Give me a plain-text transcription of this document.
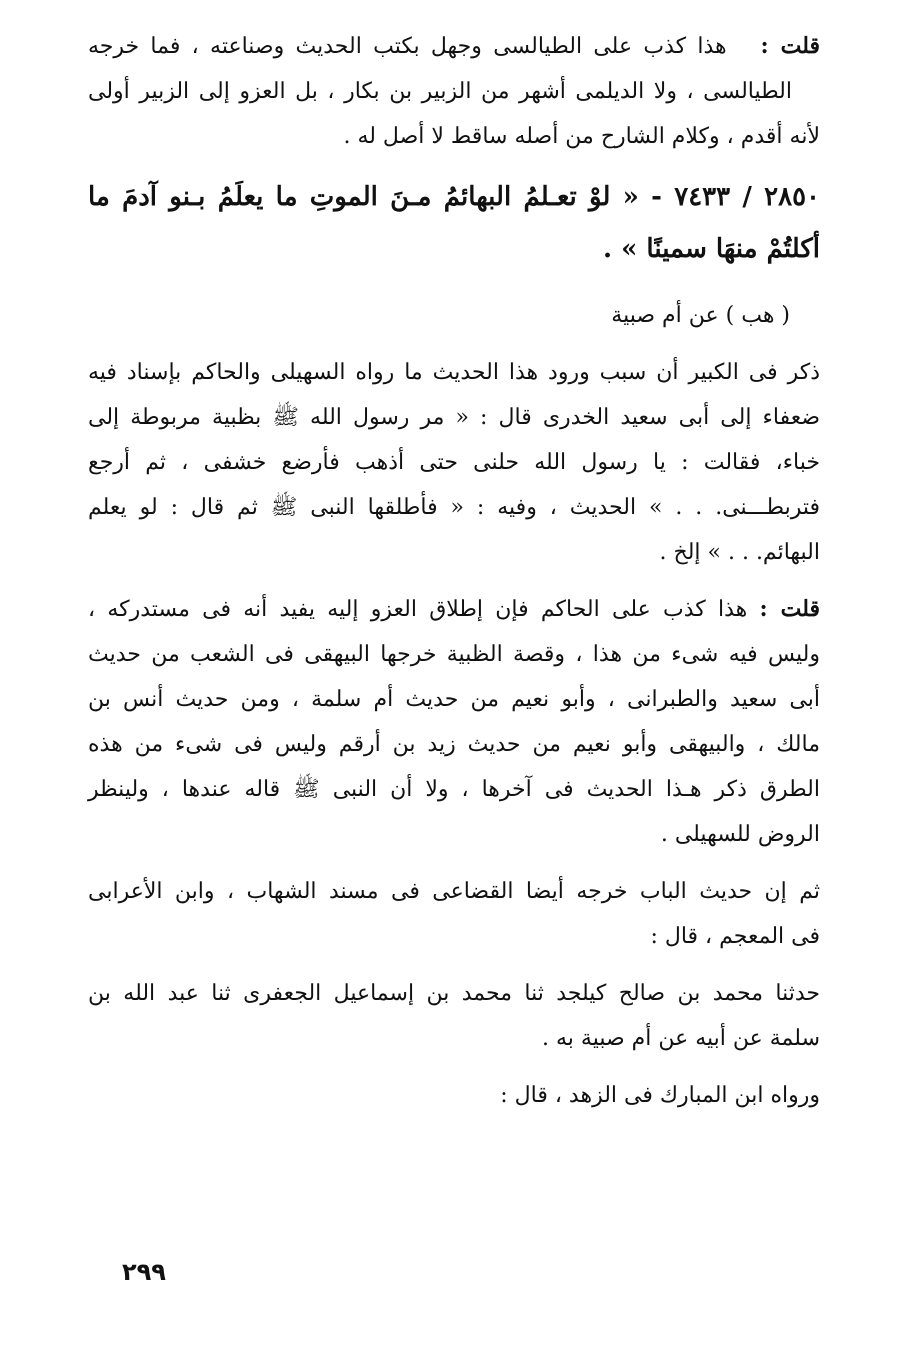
قلت :   هذا كذب على الطيالسى وجهل بكتب الحديث وصناعته ، فما خرجه
الطيالسى ، ولا الديلمى أشهر من الزبير بن بكار ، بل العزو إلى الزبير أولى
لأنه أقدم ، وكلام الشارح من أصله ساقط لا أصل له .
٢٨٥٠ / ٧٤٣٣ - « لوْ تعـلمُ البهائمُ مـنَ الموتِ ما يعلَمُ بـنو آدمَ ما
أكلتُمْ منهَا سمينًا » .
( هب ) عن أم صبية
ذكر فى الكبير أن سبب ورود هذا الحديث ما رواه السهيلى والحاكم بإسناد فيه
ضعفاء إلى أبى سعيد الخدرى قال : « مر رسول الله ﷺ بظبية مربوطة إلى
خباء، فقالت : يا رسول الله حلنى حتى أذهب فأرضع خشفى ، ثم أرجع
فتربطـــنى. . . » الحديث ، وفيه : « فأطلقها النبى ﷺ ثم قال : لو يعلم
البهائم. . . » إلخ .
قلت : هذا كذب على الحاكم فإن إطلاق العزو إليه يفيد أنه فى مستدركه ،
وليس فيه شىء من هذا ، وقصة الظبية خرجها البيهقى فى الشعب من حديث
أبى سعيد والطبرانى ، وأبو نعيم من حديث أم سلمة ، ومن حديث أنس بن
مالك ، والبيهقى وأبو نعيم من حديث زيد بن أرقم وليس فى شىء من هذه
الطرق ذكر هـذا الحديث فى آخرها ، ولا أن النبى ﷺ قاله عندها ، ولينظر
الروض للسهيلى .
ثم إن حديث الباب خرجه أيضا القضاعى فى مسند الشهاب ، وابن الأعرابى
فى المعجم ، قال :
حدثنا محمد بن صالح كيلجد ثنا محمد بن إسماعيل الجعفرى ثنا عبد الله بن
سلمة عن أبيه عن أم صبية به .
ورواه ابن المبارك فى الزهد ، قال :
٢٩٩
